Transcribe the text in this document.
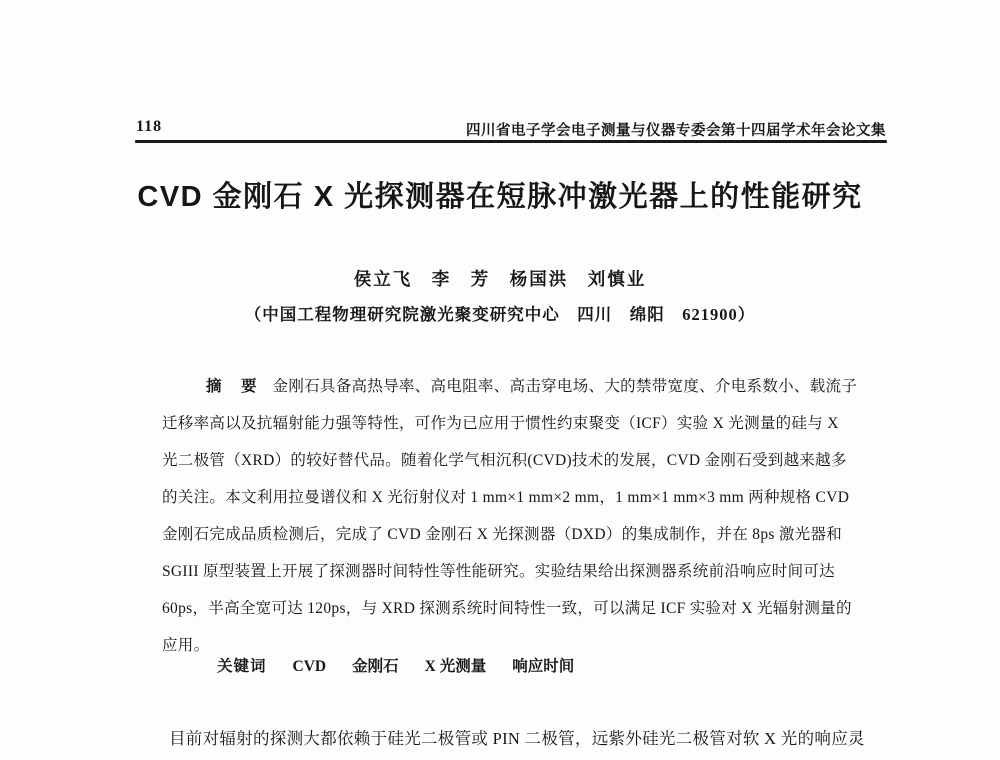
118	四川省电子学会电子测量与仪器专委会第十四届学术年会论文集
CVD 金刚石 X 光探测器在短脉冲激光器上的性能研究
侯立飞　李　芳　杨国洪　刘慎业
（中国工程物理研究院激光聚变研究中心　四川　绵阳　621900）
摘　要 金刚石具备高热导率、高电阻率、高击穿电场、大的禁带宽度、介电系数小、载流子
迁移率高以及抗辐射能力强等特性，可作为已应用于惯性约束聚变（ICF）实验 X 光测量的硅与 X
光二极管（XRD）的较好替代品。随着化学气相沉积(CVD)技术的发展，CVD 金刚石受到越来越多
的关注。本文利用拉曼谱仪和 X 光衍射仪对 1 mm×1 mm×2 mm，1 mm×1 mm×3 mm 两种规格 CVD
金刚石完成品质检测后，完成了 CVD 金刚石 X 光探测器（DXD）的集成制作，并在 8ps 激光器和
SGIII 原型装置上开展了探测器时间特性等性能研究。实验结果给出探测器系统前沿响应时间可达
60ps，半高全宽可达 120ps，与 XRD 探测系统时间特性一致，可以满足 ICF 实验对 X 光辐射测量的
应用。
关键词 CVD 金刚石 X 光测量 响应时间
目前对辐射的探测大都依赖于硅光二极管或 PIN 二极管，远紫外硅光二极管对软 X 光的响应灵
